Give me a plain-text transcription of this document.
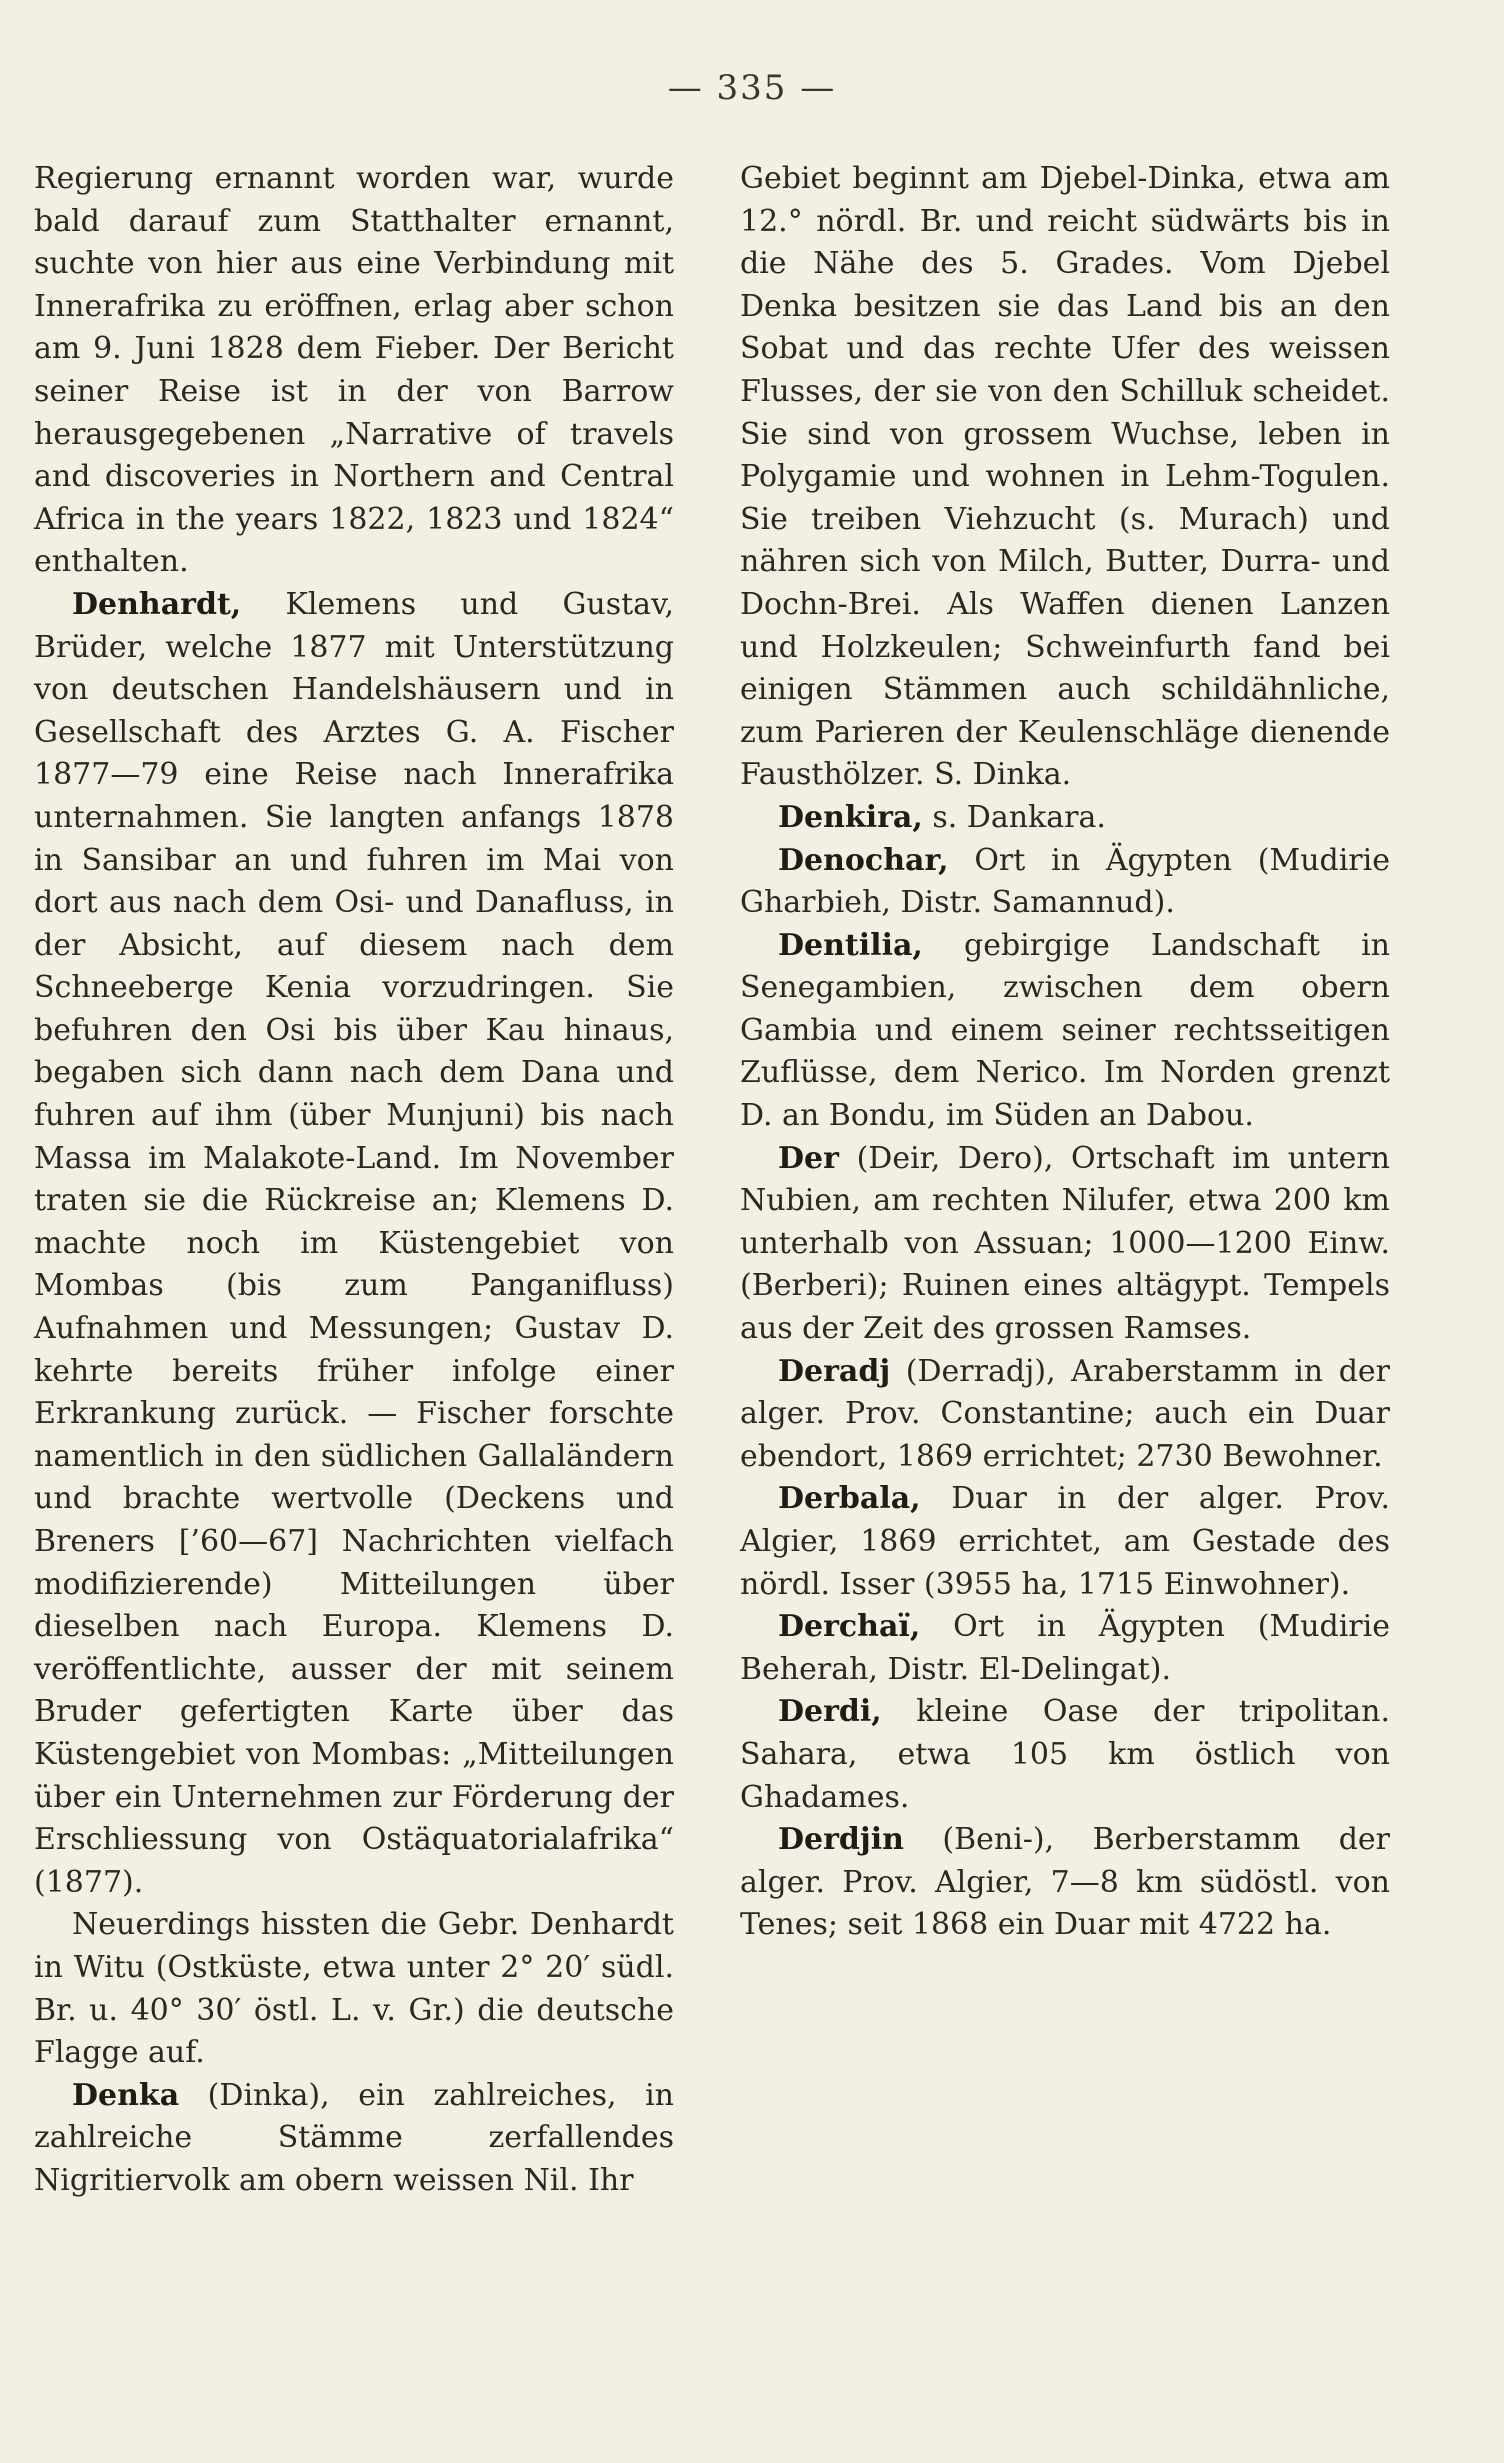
— 335 —

Regierung ernannt worden war, wurde bald darauf zum Statthalter ernannt, suchte von hier aus eine Verbindung mit Innerafrika zu eröffnen, erlag aber schon am 9. Juni 1828 dem Fieber. Der Bericht seiner Reise ist in der von Barrow herausgegebenen „Narrative of travels and discoveries in Northern and Central Africa in the years 1822, 1823 und 1824“ enthalten.

Denhardt, Klemens und Gustav, Brüder, welche 1877 mit Unterstützung von deutschen Handelshäusern und in Gesellschaft des Arztes G. A. Fischer 1877—79 eine Reise nach Innerafrika unternahmen. Sie langten anfangs 1878 in Sansibar an und fuhren im Mai von dort aus nach dem Osi- und Danafluss, in der Absicht, auf diesem nach dem Schneeberge Kenia vorzudringen. Sie befuhren den Osi bis über Kau hinaus, begaben sich dann nach dem Dana und fuhren auf ihm (über Munjuni) bis nach Massa im Malakote-Land. Im November traten sie die Rückreise an; Klemens D. machte noch im Küstengebiet von Mombas (bis zum Panganifluss) Aufnahmen und Messungen; Gustav D. kehrte bereits früher infolge einer Erkrankung zurück. — Fischer forschte namentlich in den südlichen Gallaländern und brachte wertvolle (Deckens und Breners [’60—67] Nachrichten vielfach modifizierende) Mitteilungen über dieselben nach Europa. Klemens D. veröffentlichte, ausser der mit seinem Bruder gefertigten Karte über das Küstengebiet von Mombas: „Mitteilungen über ein Unternehmen zur Förderung der Erschliessung von Ostäquatorialafrika“ (1877).

Neuerdings hissten die Gebr. Denhardt in Witu (Ostküste, etwa unter 2° 20′ südl. Br. u. 40° 30′ östl. L. v. Gr.) die deutsche Flagge auf.

Denka (Dinka), ein zahlreiches, in zahlreiche Stämme zerfallendes Nigritiervolk am obern weissen Nil. Ihr

Gebiet beginnt am Djebel-Dinka, etwa am 12.° nördl. Br. und reicht südwärts bis in die Nähe des 5. Grades. Vom Djebel Denka besitzen sie das Land bis an den Sobat und das rechte Ufer des weissen Flusses, der sie von den Schilluk scheidet. Sie sind von grossem Wuchse, leben in Polygamie und wohnen in Lehm-Togulen. Sie treiben Viehzucht (s. Murach) und nähren sich von Milch, Butter, Durra- und Dochn-Brei. Als Waffen dienen Lanzen und Holzkeulen; Schweinfurth fand bei einigen Stämmen auch schildähnliche, zum Parieren der Keulenschläge dienende Fausthölzer. S. Dinka.

Denkira, s. Dankara.

Denochar, Ort in Ägypten (Mudirie Gharbieh, Distr. Samannud).

Dentilia, gebirgige Landschaft in Senegambien, zwischen dem obern Gambia und einem seiner rechtsseitigen Zuflüsse, dem Nerico. Im Norden grenzt D. an Bondu, im Süden an Dabou.

Der (Deir, Dero), Ortschaft im untern Nubien, am rechten Nilufer, etwa 200 km unterhalb von Assuan; 1000—1200 Einw. (Berberi); Ruinen eines altägypt. Tempels aus der Zeit des grossen Ramses.

Deradj (Derradj), Araberstamm in der alger. Prov. Constantine; auch ein Duar ebendort, 1869 errichtet; 2730 Bewohner.

Derbala, Duar in der alger. Prov. Algier, 1869 errichtet, am Gestade des nördl. Isser (3955 ha, 1715 Einwohner).

Derchaï, Ort in Ägypten (Mudirie Beherah, Distr. El-Delingat).

Derdi, kleine Oase der tripolitan. Sahara, etwa 105 km östlich von Ghadames.

Derdjin (Beni-), Berberstamm der alger. Prov. Algier, 7—8 km südöstl. von Tenes; seit 1868 ein Duar mit 4722 ha.
